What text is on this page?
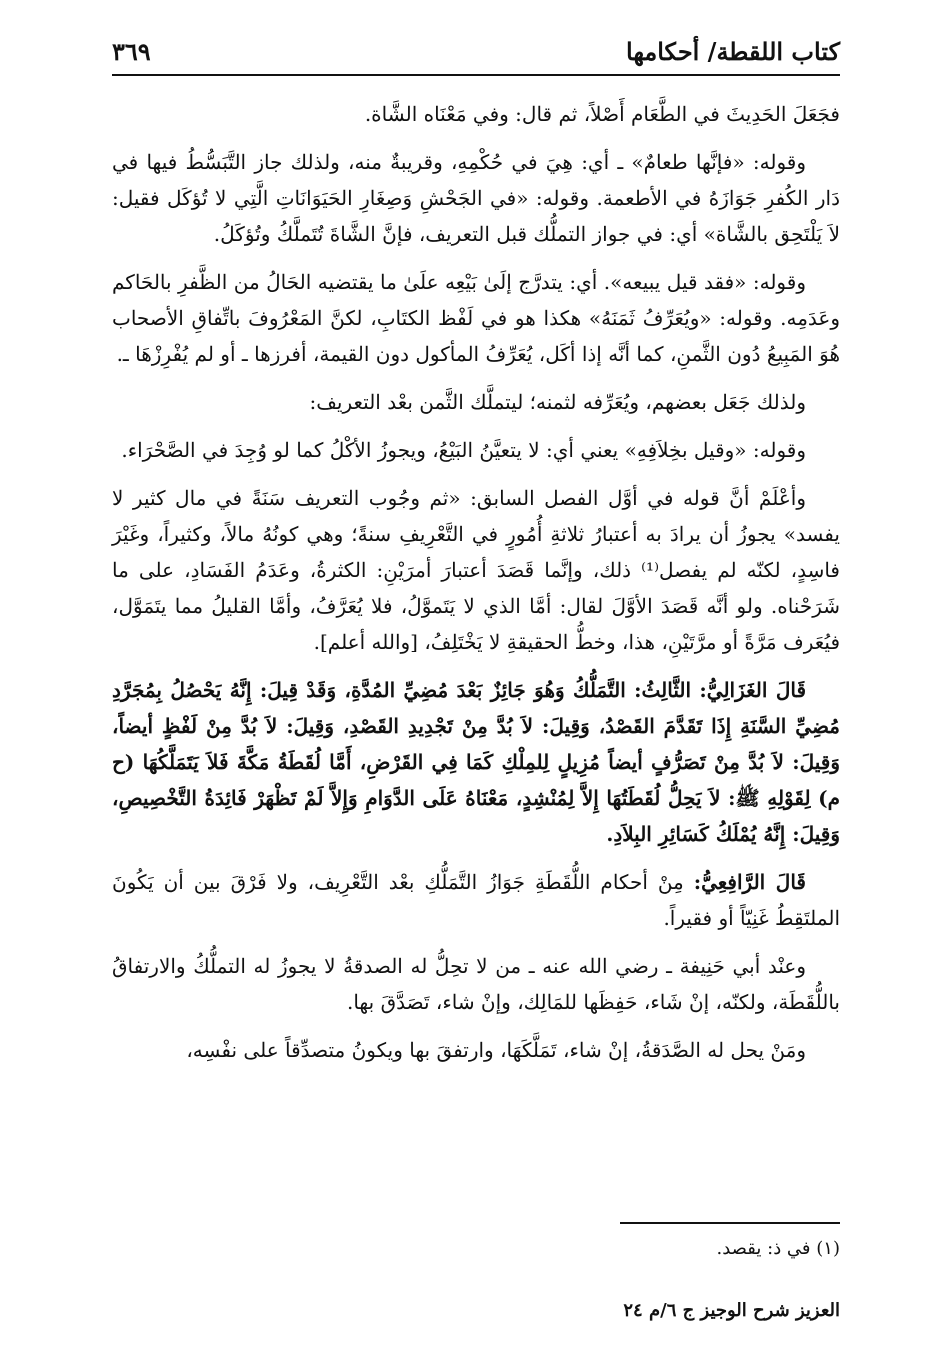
كتاب اللقطة/ أحكامها
٣٦٩

فجَعَلَ الحَدِيثَ في الطَّعَام أَصْلاً، ثم قال: وفي مَعْنَاه الشَّاة.

وقوله: «فإنَّها طعامٌ» ـ أي: هِيَ في حُكْمِهِ، وقريبةٌ منه، ولذلك جاز التَّبَسُّطُ فيها في دَار الكُفرِ جَوَازَهُ في الأطعمة. وقوله: «في الجَحْشِ وَصِغَارِ الحَيَوَانَاتِ الَّتِي لا تُؤكَل فقيل: لاَ يَلْتَحِق بالشَّاة» أي: في جواز التملُّك قبل التعريف، فإنَّ الشَّاةَ تُتَملَّكُ وتُؤكَلُ.

وقوله: «فقد قيل يبيعه». أي: يتدرَّج إلَىٰ بَيْعِه علَىٰ ما يقتضيه الحَالُ من الظَّفرِ بالحَاكم وعَدَمِه. وقوله: «ويُعَرِّفُ ثَمَنَهُ» هكذا هو في لَفْظ الكتَابِ، لكنَّ المَعْرُوفَ باتِّفاقِ الأصحاب هُوَ المَبِيعُ دُون الثَّمنِ، كما أنَّه إذا أكَل، يُعَرِّفُ المأكول دون القيمة، أفرزها ـ أو لم يُفْرِزْهَا ـ.

ولذلك جَعَل بعضهم، ويُعَرِّفه لثمنه؛ ليتملَّك الثَّمن بعْد التعريف:

وقوله: «وقيل بخِلاَفِهِ» يعني أي: لا يتعيَّنُ البَيْعُ، ويجوزُ الأكْلُ كما لو وُجِدَ في الصَّحْرَاء.

وأعْلَمْ أنَّ قوله في أوَّل الفصل السابق: «ثم وجُوب التعريف سَنَةً في مال كثير لا يفسد» يجوزُ أن يرادَ به أعتبارُ ثلاثةِ أُمُورٍ في التَّعْرِيفِ سنةً؛ وهي كونُهُ مالاً، وكثيراً، وغَيْرَ فاسِدٍ، لكنّه لم يفصل⁽¹⁾ ذلك، وإنَّما قَصَدَ أعتبارَ أمرَيْنِ: الكثرةُ، وعَدَمُ الفَسَادِ، على ما شَرَحْناه. ولو أنَّه قَصَدَ الأوَّلَ لقال: أمَّا الذي لا يَتَموَّلُ، فلا يُعَرَّفُ، وأمَّا القليلُ مما يتَمَوَّل، فيُعَرف مَرَّةً أو مرَّتَيْنِ، هذا، وخطُّ الحقيقةِ لا يَخْتَلِفُ، [والله أعلم].

قَالَ الغَزَالِيُّ: الثَّالِثُ: التَّمَلُّكُ وَهُوَ جَائِزٌ بَعْدَ مُضِيِّ المُدَّةِ، وَقَدْ قِيلَ: إِنَّهُ يَحْصُلُ بِمُجَرَّدِ مُضِيِّ السَّنَةِ إِذَا تَقَدَّمَ القَصْدُ، وَقِيلَ: لاَ بُدَّ مِنْ تَجْدِيدِ القَصْدِ، وَقِيلَ: لاَ بُدَّ مِنْ لَفْظٍ أيضاً، وَقِيلَ: لاَ بُدَّ مِنْ تَصَرُّفٍ أيضاً مُزِيلٍ لِلمِلْكِ كَمَا فِي القَرْضِ، أَمَّا لُقَطَةُ مَكَّةَ فَلاَ يَتَمَلَّكُهَا (ح م) لِقَوْلِهِ ﷺ: لاَ يَحِلُّ لُقَطَتُهَا إِلاَّ لِمُنْشِدٍ، مَعْنَاهُ عَلَى الدَّوَامِ وَإِلاَّ لَمْ تَظْهَرْ فَائِدَةُ التَّخْصِيصِ، وَقِيلَ: إِنَّهُ يُمْلَكُ كَسَائِرِ البِلاَدِ.

قَالَ الرَّافِعِيُّ: مِنْ أحكام اللُّقَطَةِ جَوَازُ التَّمَلُّكِ بعْد التَّعْرِيف، ولا فَرْقَ بين أن يَكُونَ الملتَقِطُ غَنِيّاً أو فقيراً.

وعنْد أبي حَنِيفة ـ رضي الله عنه ـ من لا تحِلُّ له الصدقةُ لا يجوزُ له التملُّكُ والارتفاقُ باللُّقَطَة، ولكنّه، إنْ شَاء، حَفِظَها للمَالِك، وإنْ شاء، تَصَدَّقَ بها.

ومَنْ يحل له الصَّدَقةُ، إنْ شاء، تَمَلَّكَهَا، وارتفقَ بها ويكونُ متصدِّقاً على نفْسِه،

(١) في ذ: يقصد.
العزيز شرح الوجيز ج ٦/م ٢٤
